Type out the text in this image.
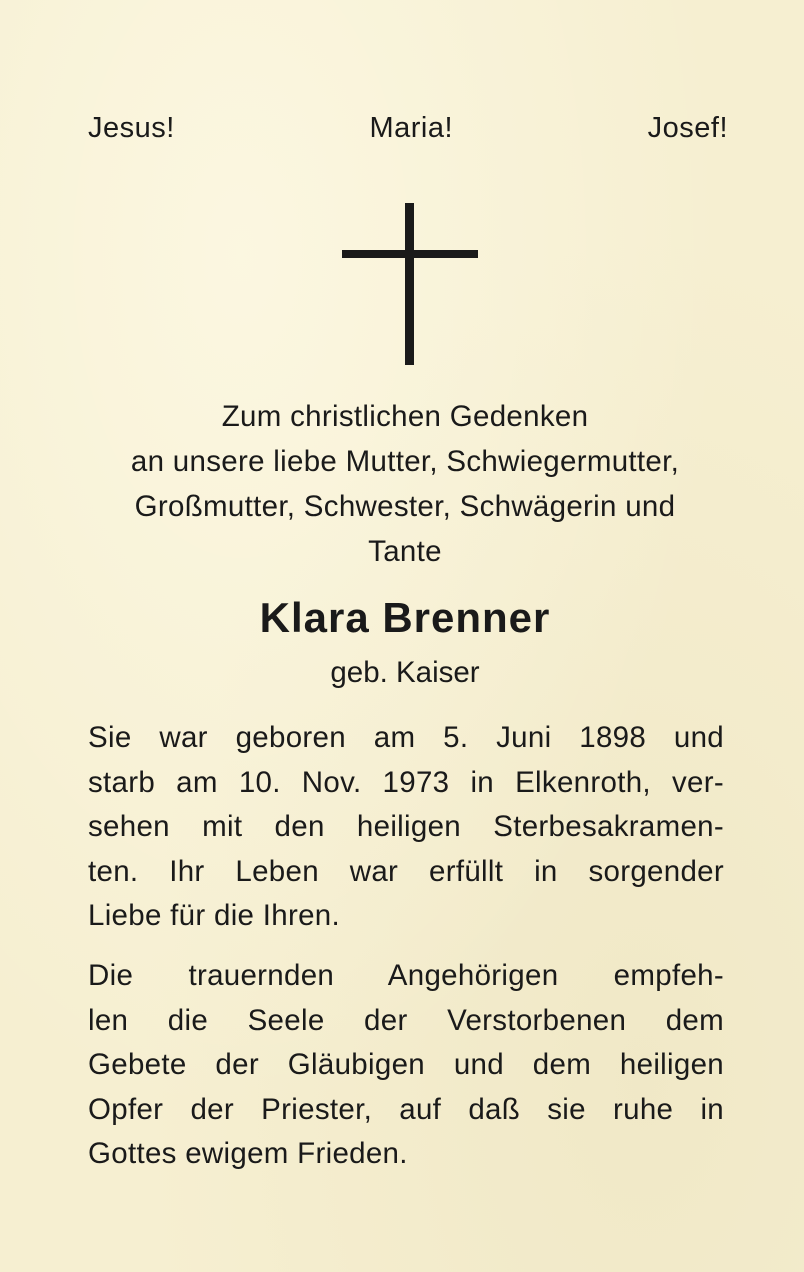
Jesus!	Maria!	Josef!
Zum christlichen Gedenken
an unsere liebe Mutter, Schwiegermutter,
Großmutter, Schwester, Schwägerin und
Tante
Klara Brenner
geb. Kaiser
Sie war geboren am 5. Juni 1898 und
starb am 10. Nov. 1973 in Elkenroth, ver-
sehen mit den heiligen Sterbesakramen-
ten. Ihr Leben war erfüllt in sorgender
Liebe für die Ihren.
Die trauernden Angehörigen empfeh-
len die Seele der Verstorbenen dem
Gebete der Gläubigen und dem heiligen
Opfer der Priester, auf daß sie ruhe in
Gottes ewigem Frieden.
